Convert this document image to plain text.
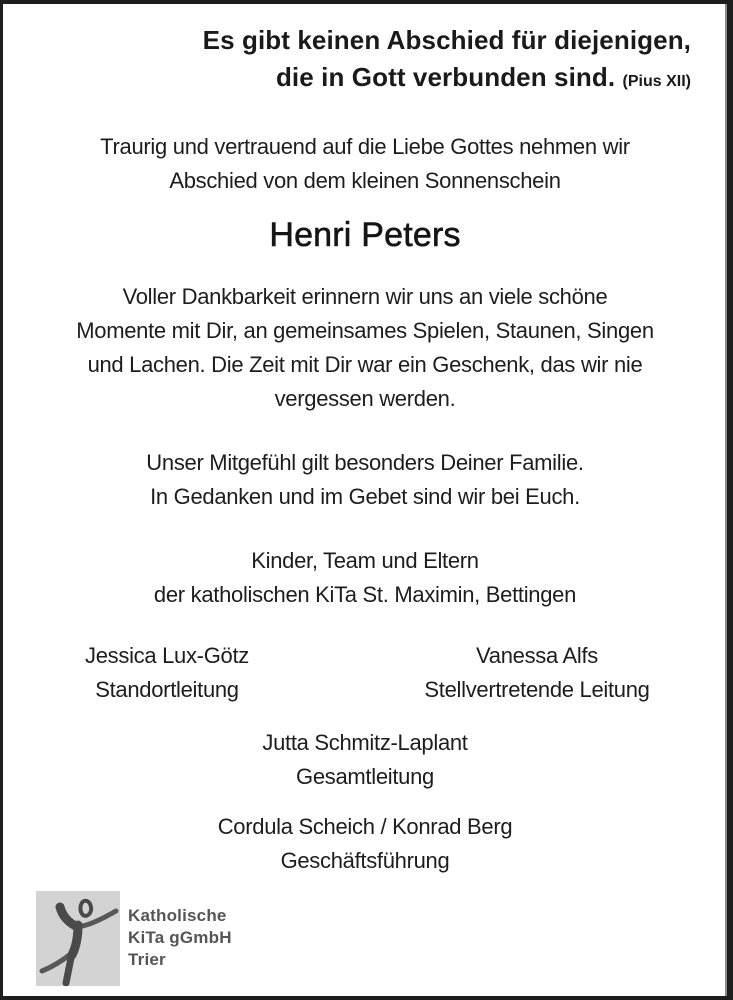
Es gibt keinen Abschied für diejenigen,
die in Gott verbunden sind. (Pius XII)
Traurig und vertrauend auf die Liebe Gottes nehmen wir
Abschied von dem kleinen Sonnenschein
Henri Peters
Voller Dankbarkeit erinnern wir uns an viele schöne
Momente mit Dir, an gemeinsames Spielen, Staunen, Singen
und Lachen. Die Zeit mit Dir war ein Geschenk, das wir nie
vergessen werden.
Unser Mitgefühl gilt besonders Deiner Familie.
In Gedanken und im Gebet sind wir bei Euch.
Kinder, Team und Eltern
der katholischen KiTa St. Maximin, Bettingen
Jessica Lux-Götz
Standortleitung
Vanessa Alfs
Stellvertretende Leitung
Jutta Schmitz-Laplant
Gesamtleitung
Cordula Scheich / Konrad Berg
Geschäftsführung
Katholische
KiTa gGmbH
Trier
